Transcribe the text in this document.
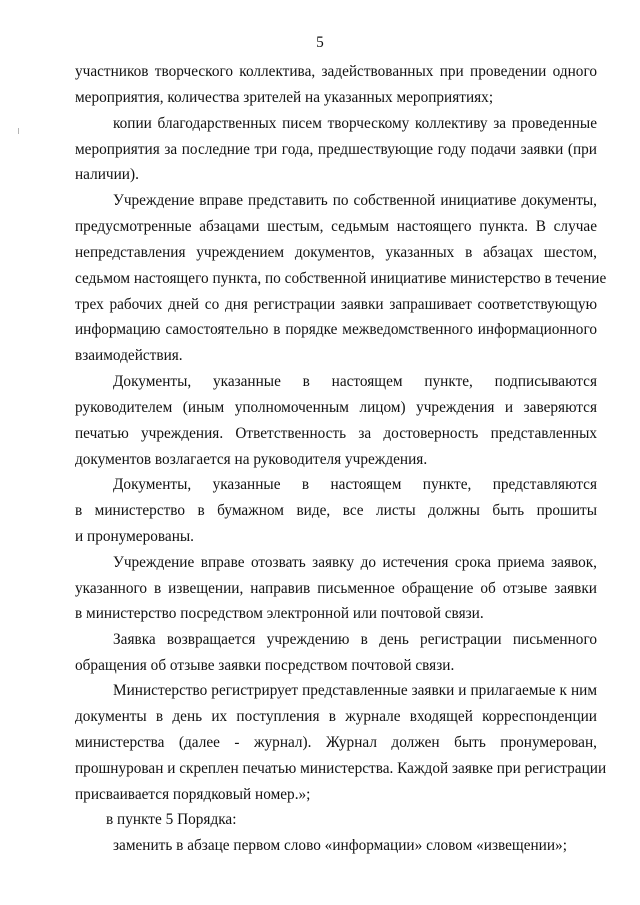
5
участников творческого коллектива, задействованных при проведении одного
мероприятия, количества зрителей на указанных мероприятиях;
копии благодарственных писем творческому коллективу за проведенные
мероприятия за последние три года, предшествующие году подачи заявки (при
наличии).
Учреждение вправе представить по собственной инициативе документы,
предусмотренные абзацами шестым, седьмым настоящего пункта. В случае
непредставления учреждением документов, указанных в абзацах шестом,
седьмом настоящего пункта, по собственной инициативе министерство в течение
трех рабочих дней со дня регистрации заявки запрашивает соответствующую
информацию самостоятельно в порядке межведомственного информационного
взаимодействия.
Документы, указанные в настоящем пункте, подписываются
руководителем (иным уполномоченным лицом) учреждения и заверяются
печатью учреждения. Ответственность за достоверность представленных
документов возлагается на руководителя учреждения.
Документы, указанные в настоящем пункте, представляются
в министерство в бумажном виде, все листы должны быть прошиты
и пронумерованы.
Учреждение вправе отозвать заявку до истечения срока приема заявок,
указанного в извещении, направив письменное обращение об отзыве заявки
в министерство посредством электронной или почтовой связи.
Заявка возвращается учреждению в день регистрации письменного
обращения об отзыве заявки посредством почтовой связи.
Министерство регистрирует представленные заявки и прилагаемые к ним
документы в день их поступления в журнале входящей корреспонденции
министерства (далее - журнал). Журнал должен быть пронумерован,
прошнурован и скреплен печатью министерства. Каждой заявке при регистрации
присваивается порядковый номер.»;
в пункте 5 Порядка:
заменить в абзаце первом слово «информации» словом «извещении»;
